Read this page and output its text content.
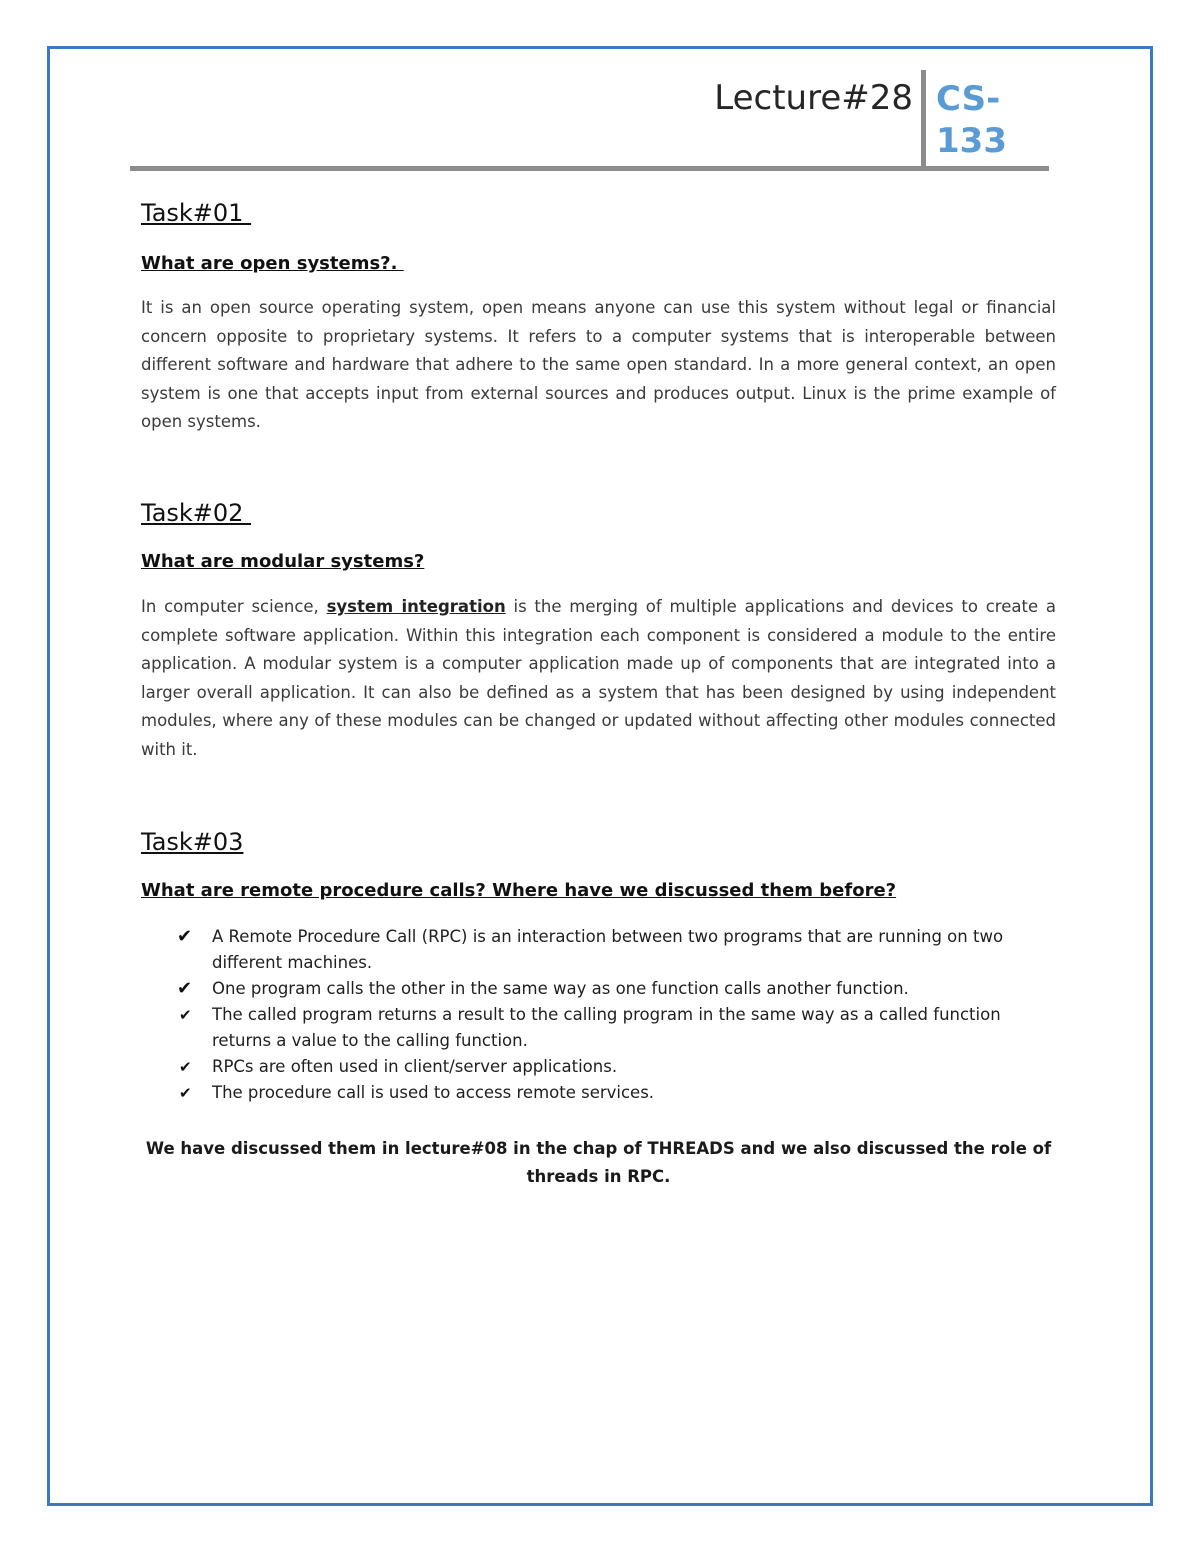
Lecture#28 CS-133
Task#01
What are open systems?.

It is an open source operating system, open means anyone can use this system without legal or financial concern opposite to proprietary systems. It refers to a computer systems that is interoperable between different software and hardware that adhere to the same open standard. In a more general context, an open system is one that accepts input from external sources and produces output. Linux is the prime example of open systems.

Task#02
What are modular systems?

In computer science, system integration is the merging of multiple applications and devices to create a complete software application. Within this integration each component is considered a module to the entire application. A modular system is a computer application made up of components that are integrated into a larger overall application. It can also be defined as a system that has been designed by using independent modules, where any of these modules can be changed or updated without affecting other modules connected with it.

Task#03
What are remote procedure calls? Where have we discussed them before?
✔ A Remote Procedure Call (RPC) is an interaction between two programs that are running on two different machines.
✔ One program calls the other in the same way as one function calls another function.
✔ The called program returns a result to the calling program in the same way as a called function returns a value to the calling function.
✔ RPCs are often used in client/server applications.
✔ The procedure call is used to access remote services.
We have discussed them in lecture#08 in the chap of THREADS and we also discussed the role of threads in RPC.
